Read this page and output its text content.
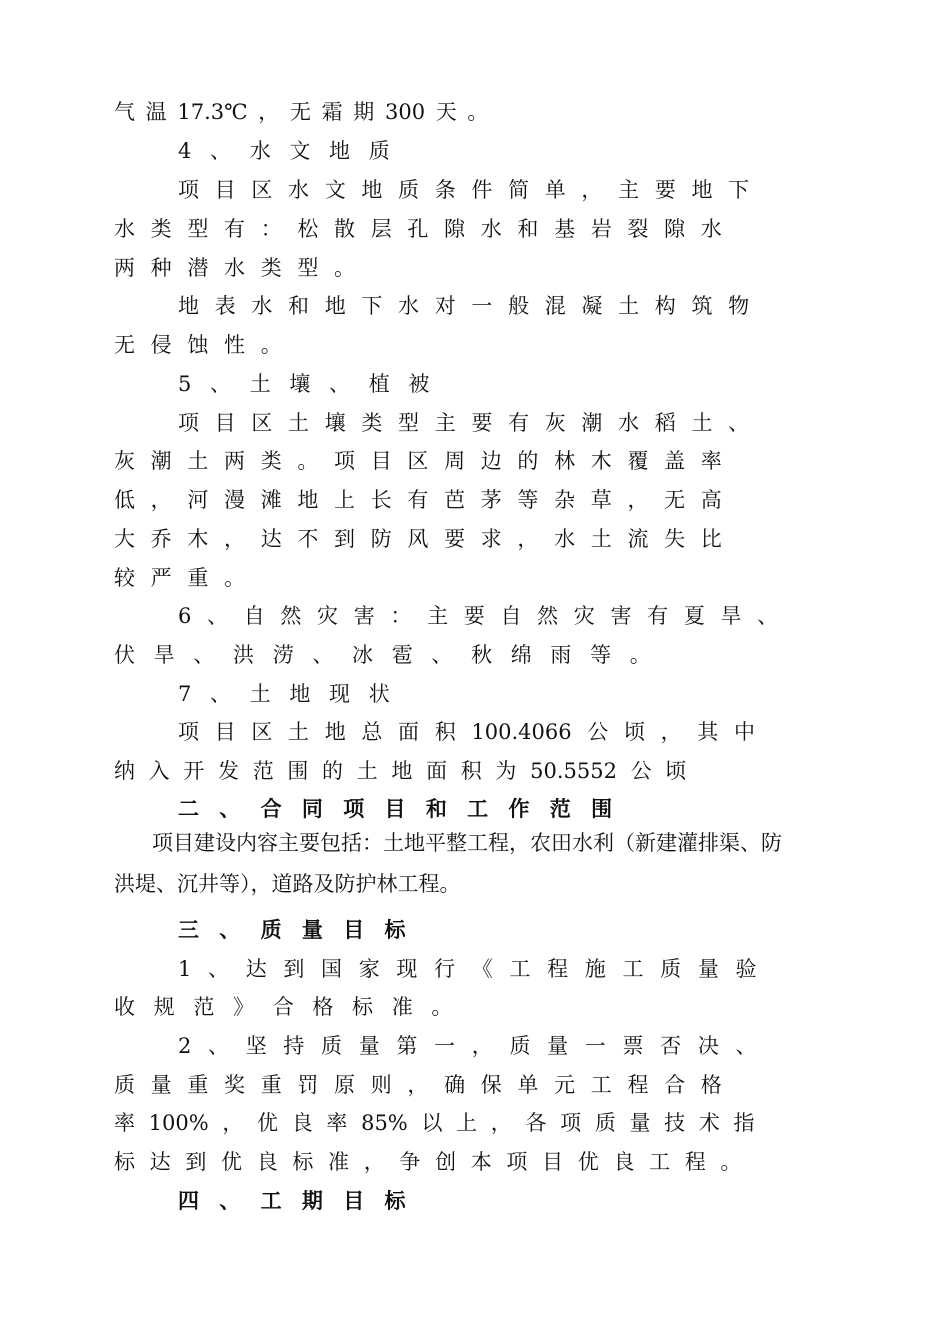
气 温 17.3℃ ， 无 霜 期 300 天 。
4 、 水 文 地 质
项 目 区 水 文 地 质 条 件 简 单 ， 主 要 地 下
水 类 型 有 ： 松 散 层 孔 隙 水 和 基 岩 裂 隙 水
两 种 潜 水 类 型 。
地 表 水 和 地 下 水 对 一 般 混 凝 土 构 筑 物
无 侵 蚀 性 。
5 、 土 壤 、 植 被
项 目 区 土 壤 类 型 主 要 有 灰 潮 水 稻 土 、
灰 潮 土 两 类 。 项 目 区 周 边 的 林 木 覆 盖 率
低 ， 河 漫 滩 地 上 长 有 芭 茅 等 杂 草 ， 无 高
大 乔 木 ， 达 不 到 防 风 要 求 ， 水 土 流 失 比
较 严 重 。
6 、 自 然 灾 害 ： 主 要 自 然 灾 害 有 夏 旱 、
伏 旱 、 洪 涝 、 冰 雹 、 秋 绵 雨 等 。
7 、 土 地 现 状
项 目 区 土 地 总 面 积 100.4066 公 顷 ， 其 中
纳 入 开 发 范 围 的 土 地 面 积 为 50.5552 公 顷
二 、 合 同 项 目 和 工 作 范 围
项目建设内容主要包括：土地平整工程，农田水利（新建灌排渠、防
洪堤、沉井等），道路及防护林工程。
三 、 质 量 目 标
1 、 达 到 国 家 现 行 《 工 程 施 工 质 量 验
收 规 范 》 合 格 标 准 。
2 、 坚 持 质 量 第 一 ， 质 量 一 票 否 决 、
质 量 重 奖 重 罚 原 则 ， 确 保 单 元 工 程 合 格
率 100% ， 优 良 率 85% 以 上 ， 各 项 质 量 技 术 指
标 达 到 优 良 标 准 ， 争 创 本 项 目 优 良 工 程 。
四 、 工 期 目 标
